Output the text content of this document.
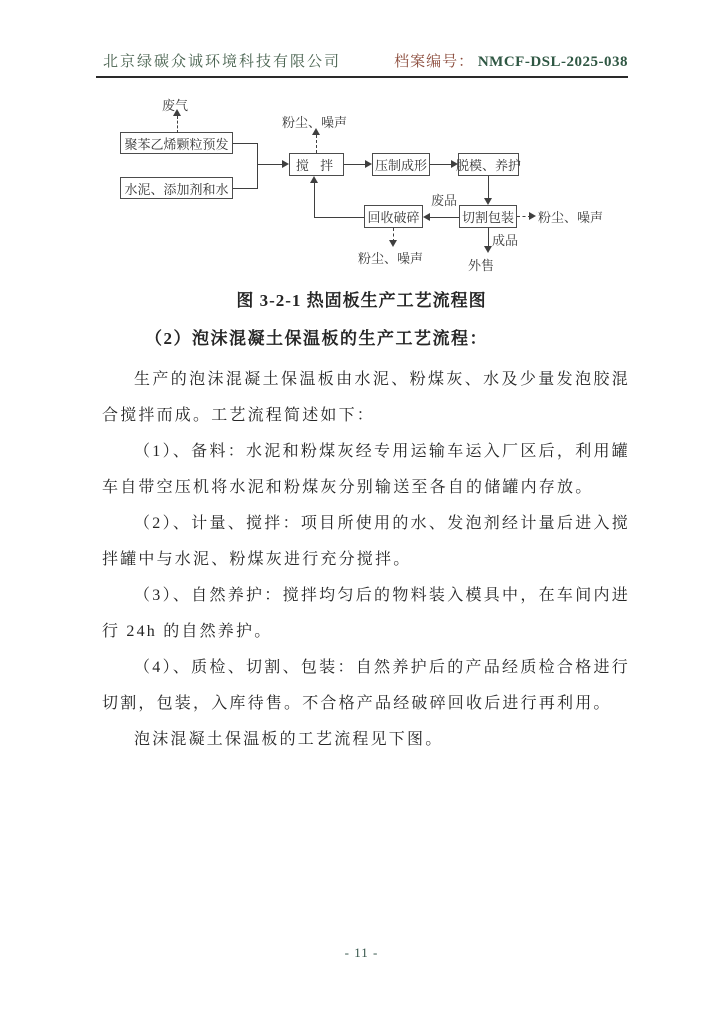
北京绿碳众诚环境科技有限公司	档案编号： NMCF-DSL-2025-038
聚苯乙烯颗粒预发
水泥、添加剂和水
搅 拌	压制成形 脱模、养护
切割包装
回收破碎
废气
粉尘、噪声
粉尘、噪声
粉尘、噪声
废品
成品
外售
图 3-2-1 热固板生产工艺流程图
（2）泡沫混凝土保温板的生产工艺流程：

生产的泡沫混凝土保温板由水泥、粉煤灰、水及少量发泡胶混合搅拌而成。工艺流程简述如下：

（1）、备料：水泥和粉煤灰经专用运输车运入厂区后，利用罐车自带空压机将水泥和粉煤灰分别输送至各自的储罐内存放。

（2）、计量、搅拌：项目所使用的水、发泡剂经计量后进入搅拌罐中与水泥、粉煤灰进行充分搅拌。

（3）、自然养护：搅拌均匀后的物料装入模具中，在车间内进行 24h 的自然养护。

（4）、质检、切割、包装：自然养护后的产品经质检合格进行切割，包装，入库待售。不合格产品经破碎回收后进行再利用。

泡沫混凝土保温板的工艺流程见下图。

- 11 -
